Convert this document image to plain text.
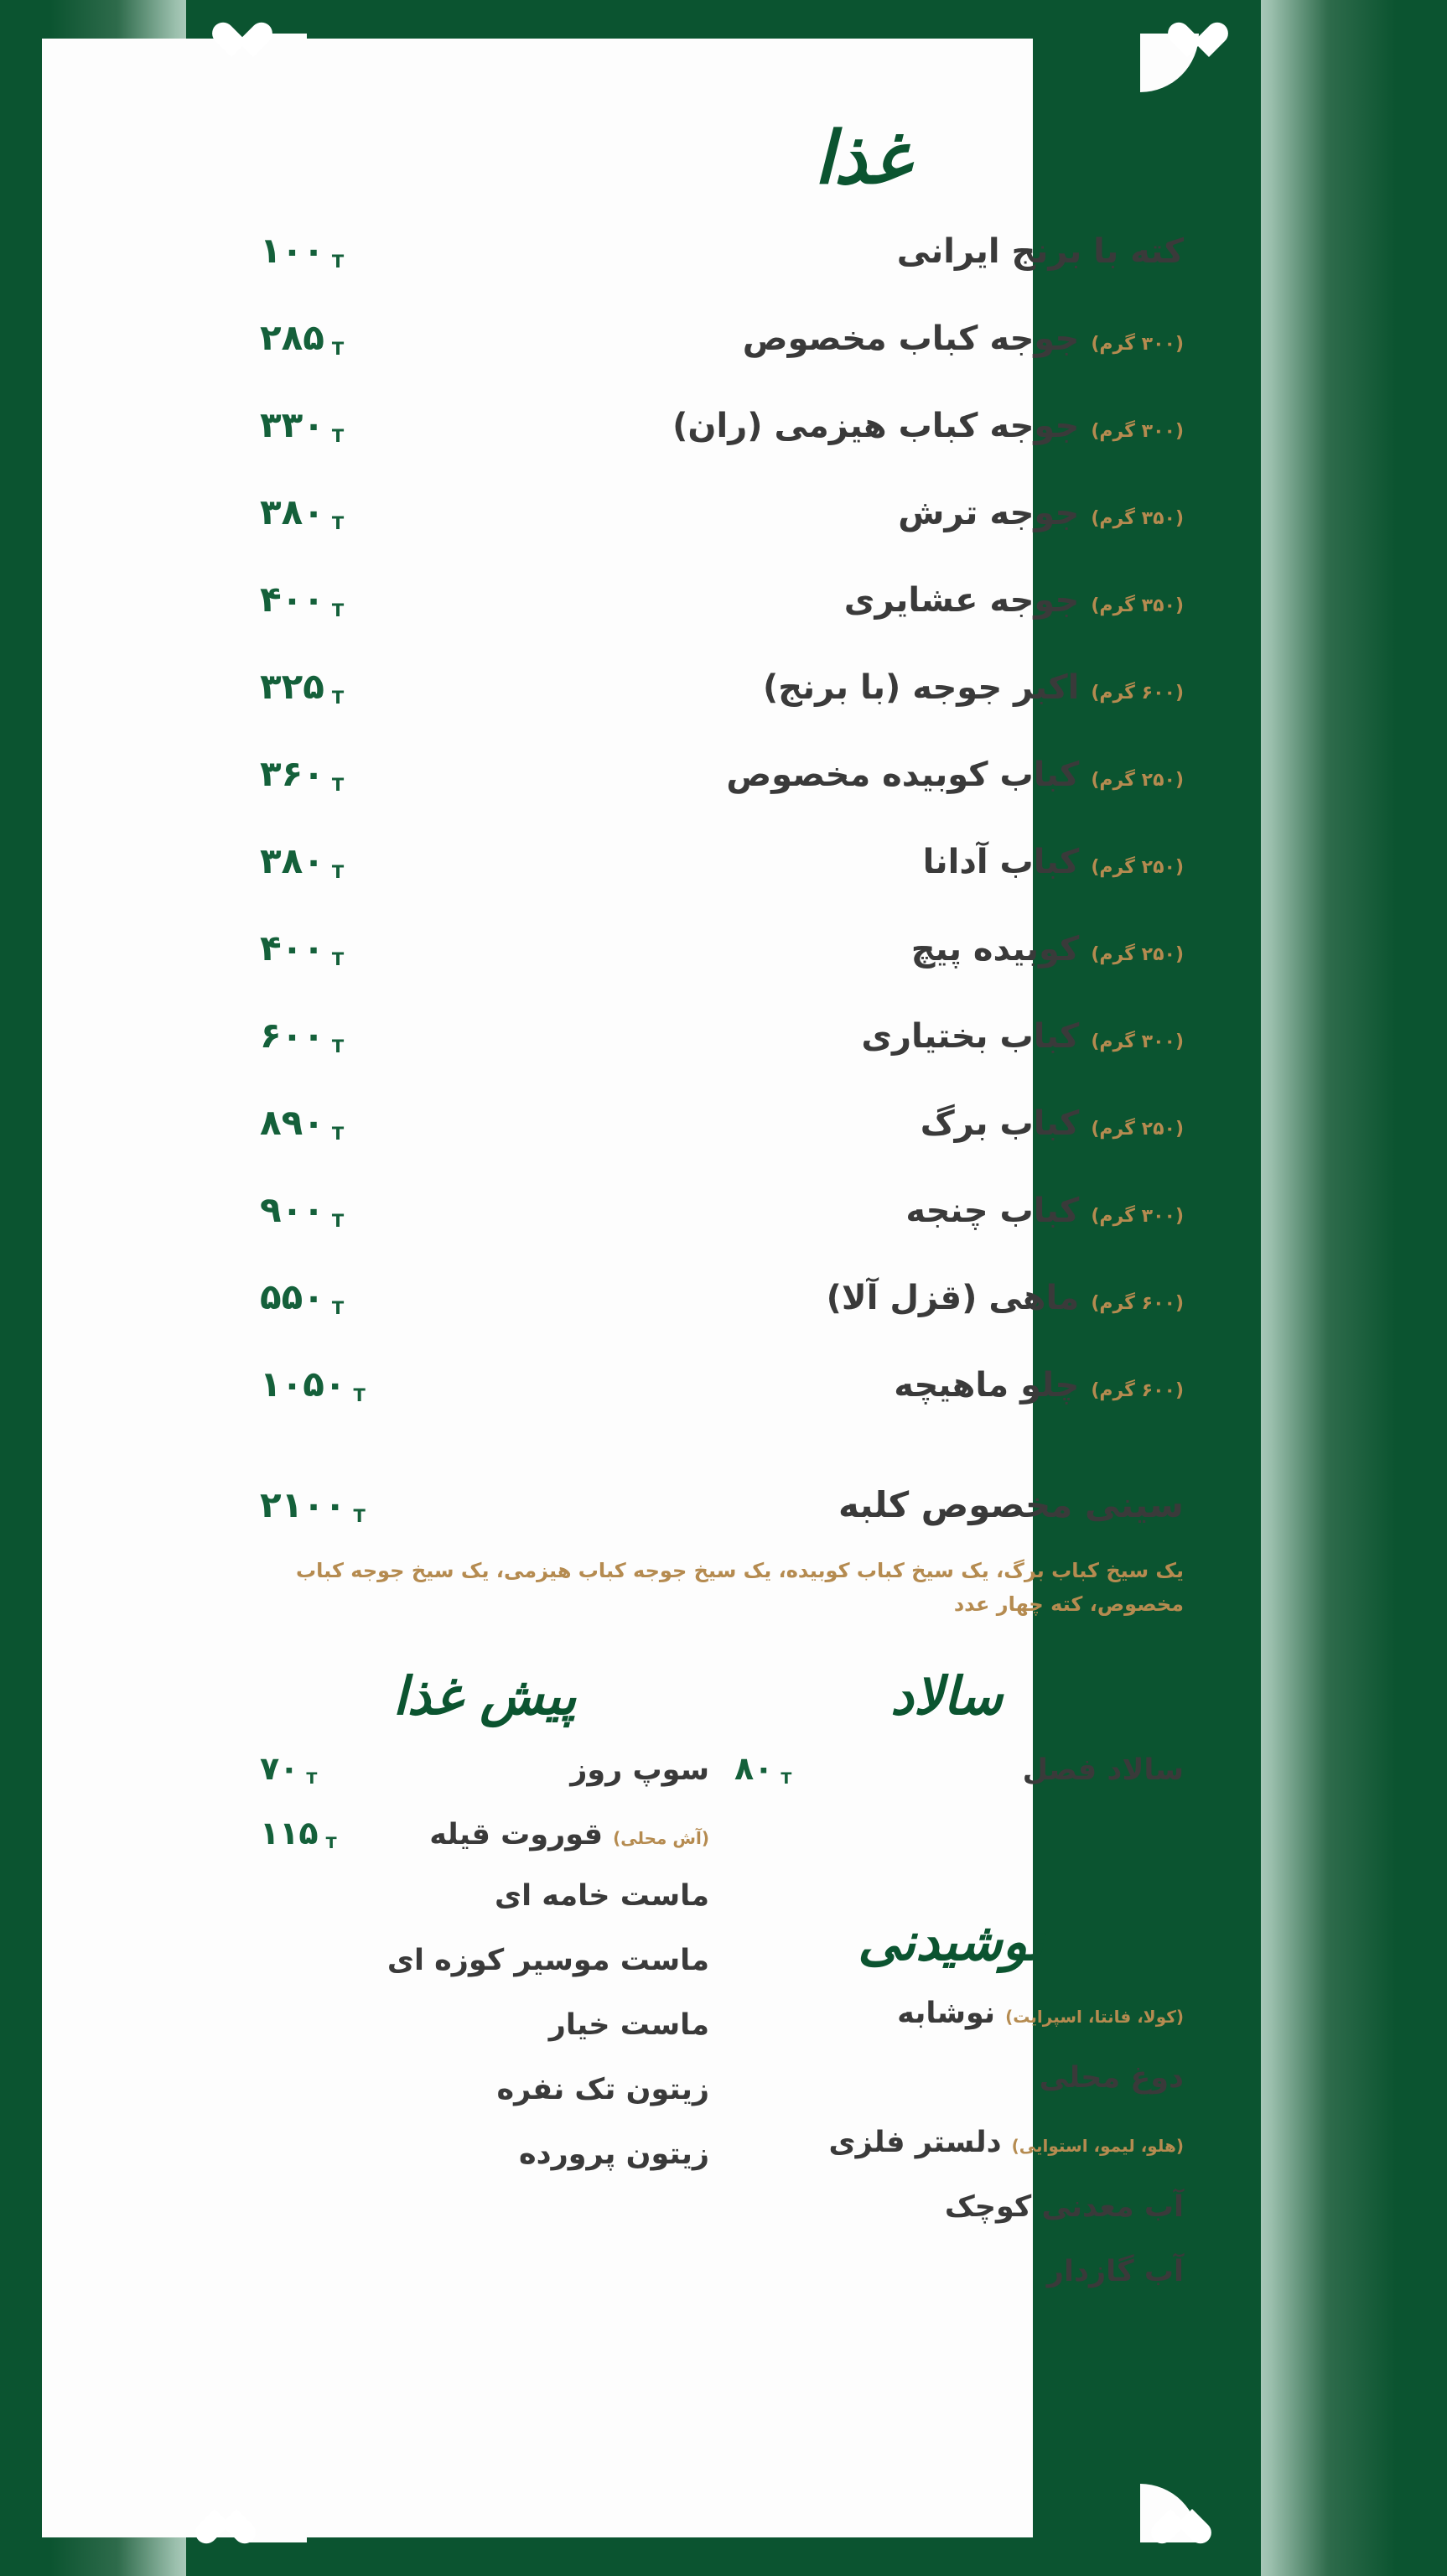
غذا
کته با برنج ایرانی
۱۰۰ T
جوجه کباب مخصوص (۳۰۰ گرم)
۲۸۵ T
جوجه کباب هیزمی (ران) (۳۰۰ گرم)
۳۳۰ T
جوجه ترش (۳۵۰ گرم)
۳۸۰ T
جوجه عشایری (۳۵۰ گرم)
۴۰۰ T
اکبر جوجه (با برنج) (۶۰۰ گرم)
۳۲۵ T
کباب کوبیده مخصوص (۲۵۰ گرم)
۳۶۰ T
کباب آدانا (۲۵۰ گرم)
۳۸۰ T
کوبیده پیچ (۲۵۰ گرم)
۴۰۰ T
کباب بختیاری (۳۰۰ گرم)
۶۰۰ T
کباب برگ (۲۵۰ گرم)
۸۹۰ T
کباب چنجه (۳۰۰ گرم)
۹۰۰ T
ماهی (قزل آلا) (۶۰۰ گرم)
۵۵۰ T
چلو ماهیچه (۶۰۰ گرم)
۱۰۵۰ T
سینی مخصوص کلبه
۲۱۰۰ T
یک سیخ کباب برگ، یک سیخ کباب کوبیده، یک سیخ جوجه کباب هیزمی، یک سیخ جوجه کباب مخصوص، کته چهار عدد
سالاد
سالاد فصل
۸۰ T
نوشیدنی
نوشابه (کولا، فانتا، اسپرایت)
دوغ محلی
دلستر فلزی (هلو، لیمو، استوایی)
آب معدنی کوچک
آب گازدار
پیش غذا
سوپ روز
۷۰ T
قوروت قیله (آش محلی)
۱۱۵ T
ماست خامه ای
ماست موسیر کوزه ای
ماست خیار
زیتون تک نفره
زیتون پرورده
